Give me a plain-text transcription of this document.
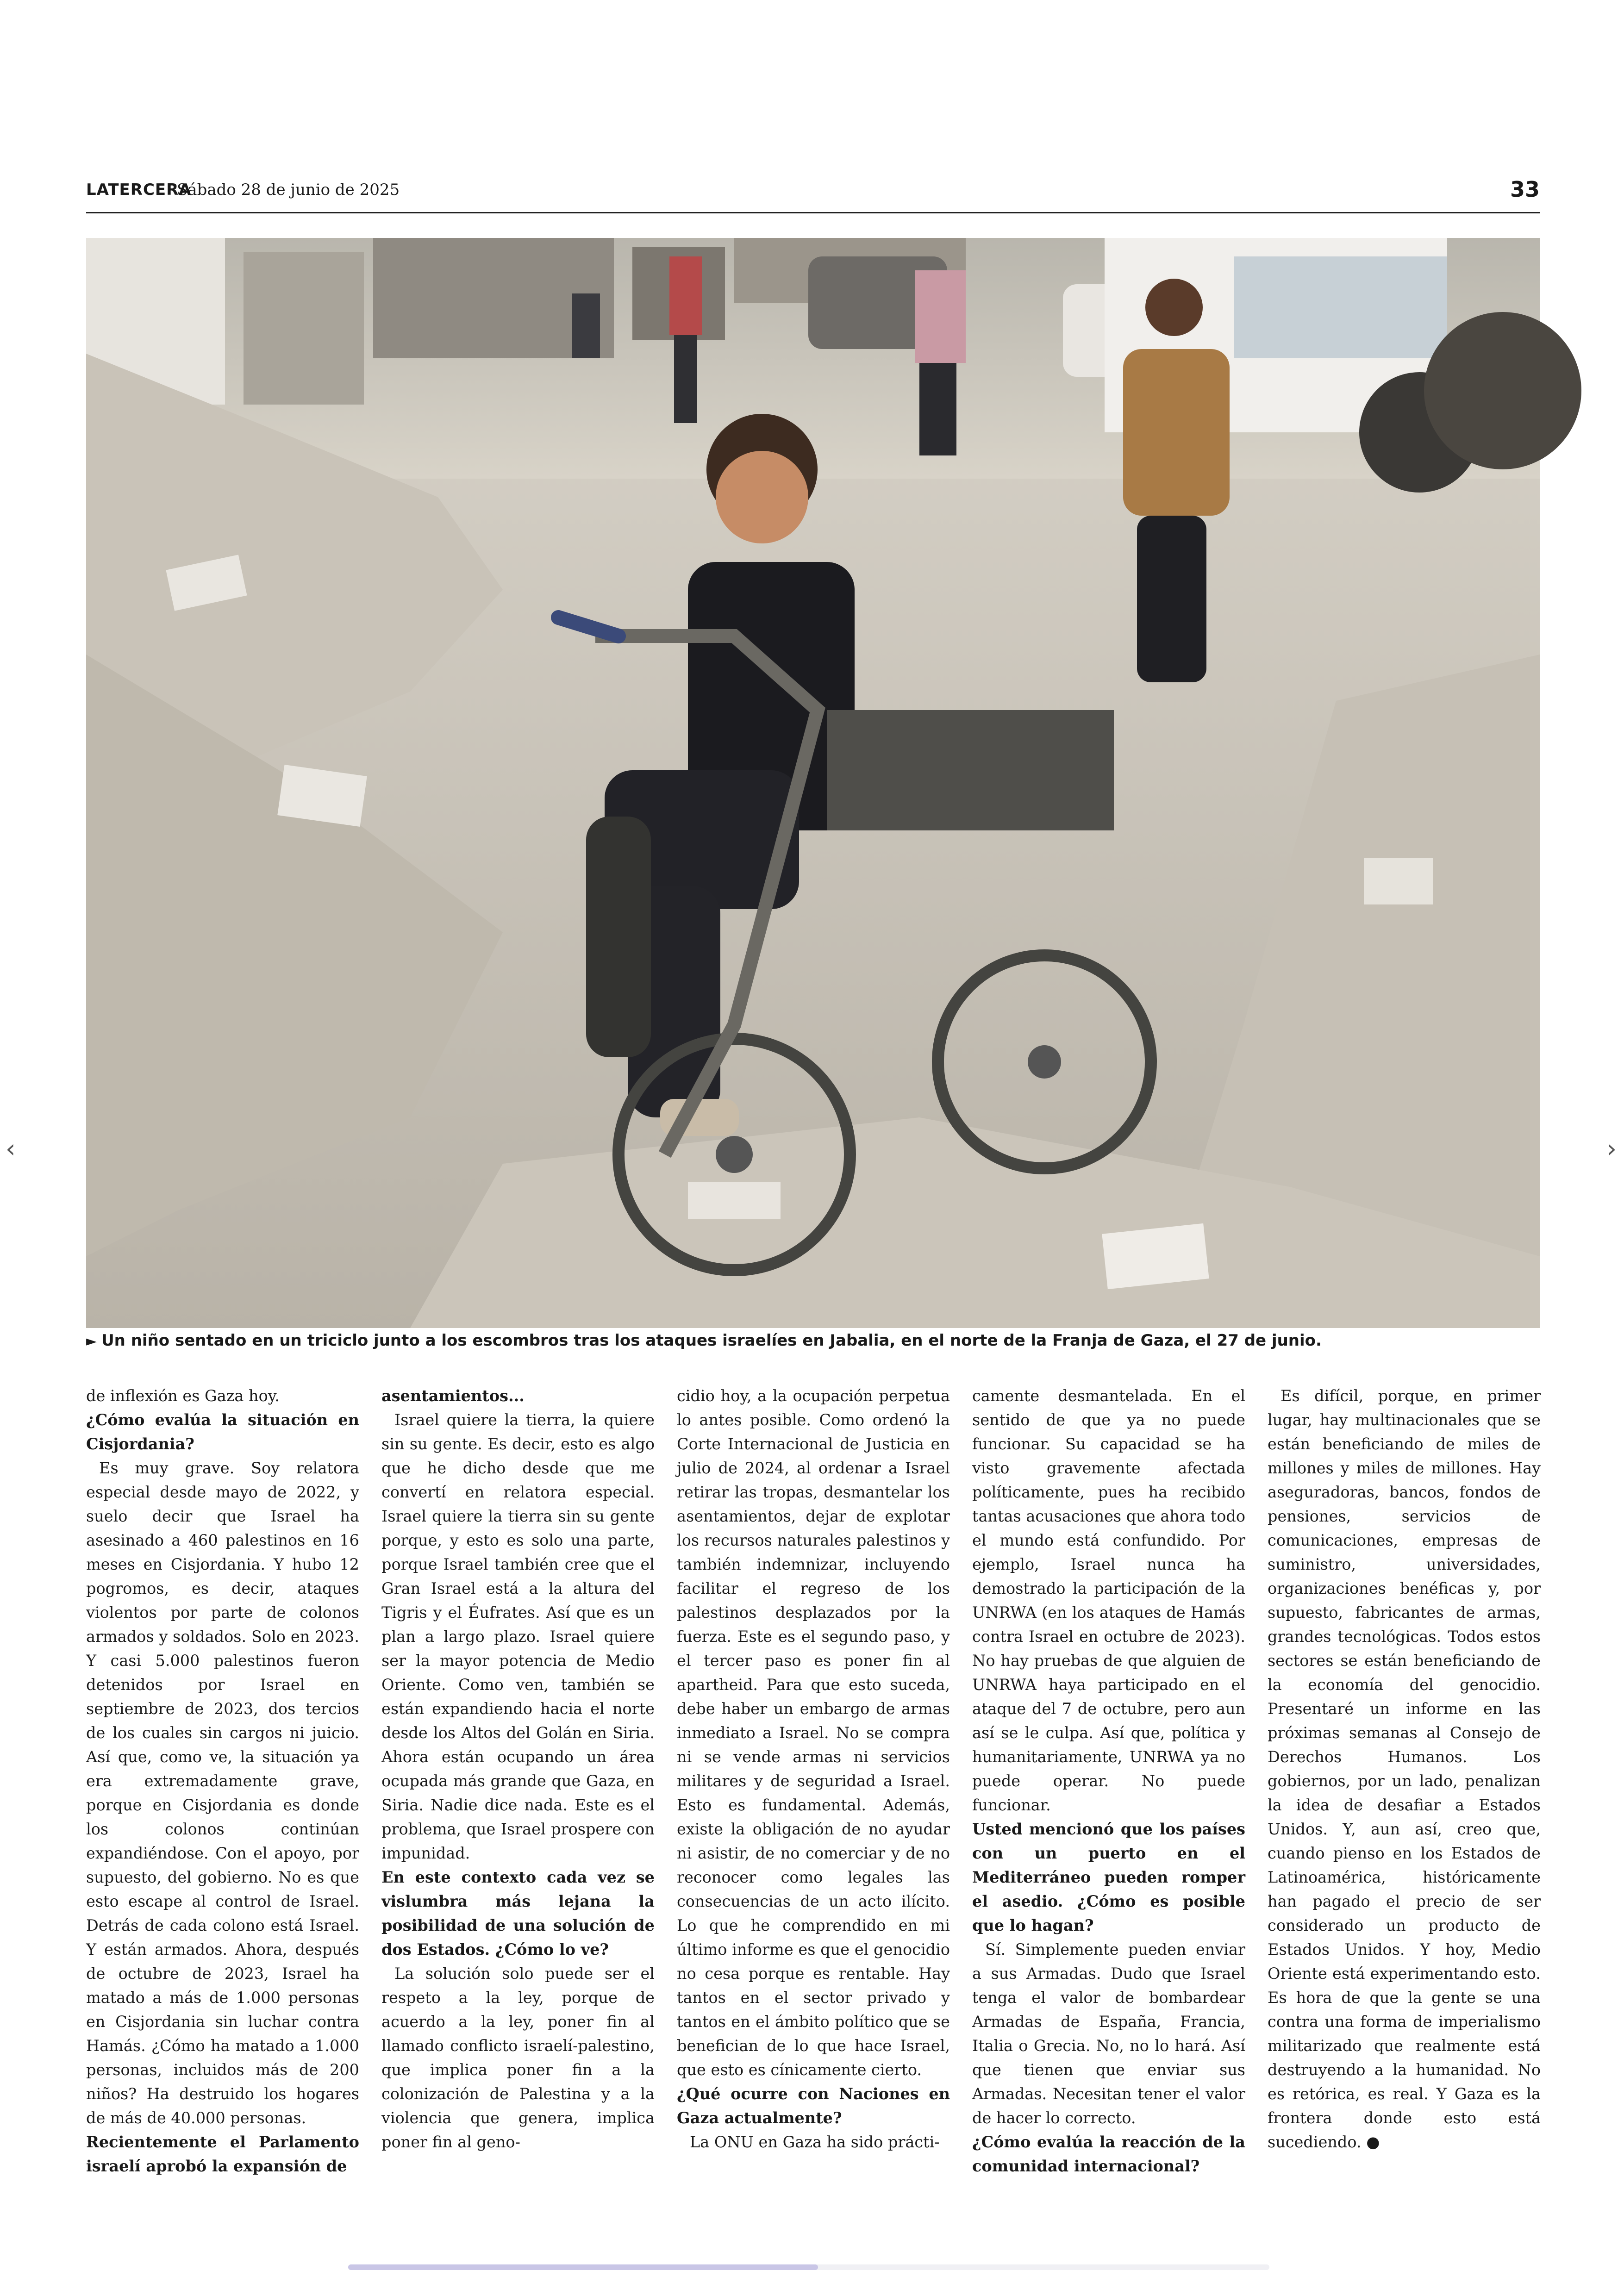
LATERCERA
Sábado 28 de junio de 2025	33
► Un niño sentado en un triciclo junto a los escombros tras los ataques israelíes en Jabalia, en el norte de la Franja de Gaza, el 27 de junio.

de inflexión es Gaza hoy.

¿Cómo evalúa la situación en Cisjordania?

Es muy grave. Soy relatora especial desde mayo de 2022, y suelo decir que Israel ha asesinado a 460 palestinos en 16 meses en Cisjordania. Y hubo 12 pogromos, es decir, ataques violentos por parte de colonos armados y soldados. Solo en 2023. Y casi 5.000 palestinos fueron detenidos por Israel en septiembre de 2023, dos tercios de los cuales sin cargos ni juicio. Así que, como ve, la situación ya era extremadamente grave, porque en Cisjordania es donde los colonos continúan expandiéndose. Con el apoyo, por supuesto, del gobierno. No es que esto escape al control de Israel. Detrás de cada colono está Israel. Y están armados. Ahora, después de octubre de 2023, Israel ha matado a más de 1.000 personas en Cisjordania sin luchar contra Hamás. ¿Cómo ha matado a 1.000 personas, incluidos más de 200 niños? Ha destruido los hogares de más de 40.000 personas.

Recientemente el Parlamento israelí aprobó la expansión de

asentamientos...

Israel quiere la tierra, la quiere sin su gente. Es decir, esto es algo que he dicho desde que me convertí en relatora especial. Israel quiere la tierra sin su gente porque, y esto es solo una parte, porque Israel también cree que el Gran Israel está a la altura del Tigris y el Éufrates. Así que es un plan a largo plazo. Israel quiere ser la mayor potencia de Medio Oriente. Como ven, también se están expandiendo hacia el norte desde los Altos del Golán en Siria. Ahora están ocupando un área ocupada más grande que Gaza, en Siria. Nadie dice nada. Este es el problema, que Israel prospere con impunidad.

En este contexto cada vez se vislumbra más lejana la posibilidad de una solución de dos Estados. ¿Cómo lo ve?

La solución solo puede ser el respeto a la ley, porque de acuerdo a la ley, poner fin al llamado conflicto israelí-palestino, que implica poner fin a la colonización de Palestina y a la violencia que genera, implica poner fin al geno-

cidio hoy, a la ocupación perpetua lo antes posible. Como ordenó la Corte Internacional de Justicia en julio de 2024, al ordenar a Israel retirar las tropas, desmantelar los asentamientos, dejar de explotar los recursos naturales palestinos y también indemnizar, incluyendo facilitar el regreso de los palestinos desplazados por la fuerza. Este es el segundo paso, y el tercer paso es poner fin al apartheid. Para que esto suceda, debe haber un embargo de armas inmediato a Israel. No se compra ni se vende armas ni servicios militares y de seguridad a Israel. Esto es fundamental. Además, existe la obligación de no ayudar ni asistir, de no comerciar y de no reconocer como legales las consecuencias de un acto ilícito. Lo que he comprendido en mi último informe es que el genocidio no cesa porque es rentable. Hay tantos en el sector privado y tantos en el ámbito político que se benefician de lo que hace Israel, que esto es cínicamente cierto.

¿Qué ocurre con Naciones en Gaza actualmente?

La ONU en Gaza ha sido prácti-

camente desmantelada. En el sentido de que ya no puede funcionar. Su capacidad se ha visto gravemente afectada políticamente, pues ha recibido tantas acusaciones que ahora todo el mundo está confundido. Por ejemplo, Israel nunca ha demostrado la participación de la UNRWA (en los ataques de Hamás contra Israel en octubre de 2023). No hay pruebas de que alguien de UNRWA haya participado en el ataque del 7 de octubre, pero aun así se le culpa. Así que, política y humanitariamente, UNRWA ya no puede operar. No puede funcionar.

Usted mencionó que los países con un puerto en el Mediterráneo pueden romper el asedio. ¿Cómo es posible que lo hagan?

Sí. Simplemente pueden enviar a sus Armadas. Dudo que Israel tenga el valor de bombardear Armadas de España, Francia, Italia o Grecia. No, no lo hará. Así que tienen que enviar sus Armadas. Necesitan tener el valor de hacer lo correcto.

¿Cómo evalúa la reacción de la comunidad internacional?

Es difícil, porque, en primer lugar, hay multinacionales que se están beneficiando de miles de millones y miles de millones. Hay aseguradoras, bancos, fondos de pensiones, servicios de comunicaciones, empresas de suministro, universidades, organizaciones benéficas y, por supuesto, fabricantes de armas, grandes tecnológicas. Todos estos sectores se están beneficiando de la economía del genocidio. Presentaré un informe en las próximas semanas al Consejo de Derechos Humanos. Los gobiernos, por un lado, penalizan la idea de desafiar a Estados Unidos. Y, aun así, creo que, cuando pienso en los Estados de Latinoamérica, históricamente han pagado el precio de ser considerado un producto de Estados Unidos. Y hoy, Medio Oriente está experimentando esto. Es hora de que la gente se una contra una forma de imperialismo militarizado que realmente está destruyendo a la humanidad. No es retórica, es real. Y Gaza es la frontera donde esto está sucediendo. ●

‹	›
